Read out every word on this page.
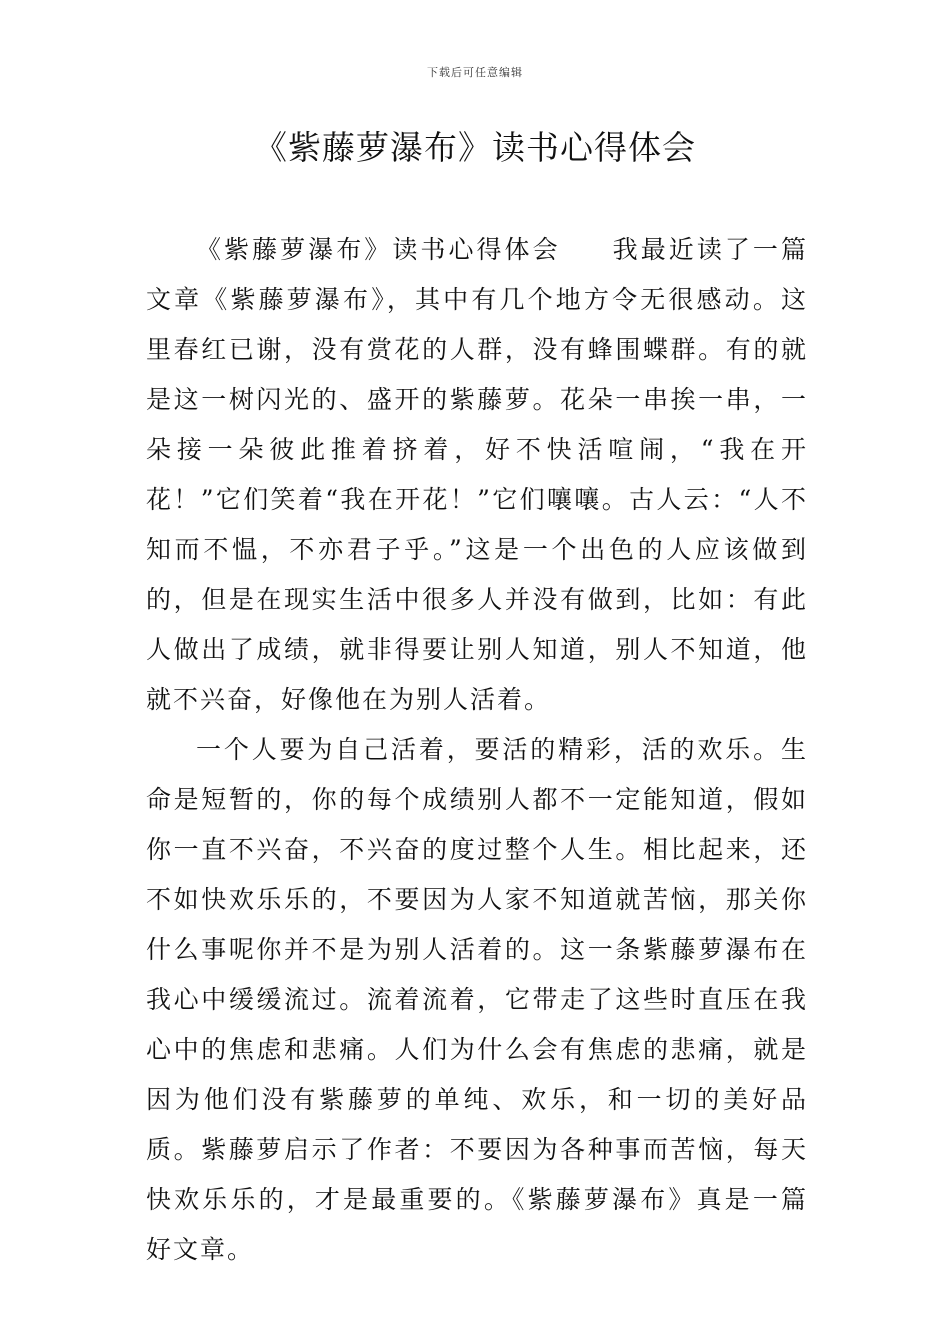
下载后可任意编辑
《紫藤萝瀑布》读书心得体会

《紫藤萝瀑布》读书心得体会 我最近读了一篇文章《紫藤萝瀑布》，其中有几个地方令无很感动。这里春红已谢，没有赏花的人群，没有蜂围蝶群。有的就是这一树闪光的、盛开的紫藤萝。花朵一串挨一串，一朵接一朵彼此推着挤着，好不快活喧闹，“我在开花！”它们笑着“我在开花！”它们嚷嚷。古人云：“人不知而不愠，不亦君子乎。”这是一个出色的人应该做到的，但是在现实生活中很多人并没有做到，比如：有此人做出了成绩，就非得要让别人知道，别人不知道，他就不兴奋，好像他在为别人活着。

一个人要为自己活着，要活的精彩，活的欢乐。生命是短暂的，你的每个成绩别人都不一定能知道，假如你一直不兴奋，不兴奋的度过整个人生。相比起来，还不如快欢乐乐的，不要因为人家不知道就苦恼，那关你什么事呢你并不是为别人活着的。这一条紫藤萝瀑布在我心中缓缓流过。流着流着，它带走了这些时直压在我心中的焦虑和悲痛。人们为什么会有焦虑的悲痛，就是因为他们没有紫藤萝的单纯、欢乐，和一切的美好品质。紫藤萝启示了作者：不要因为各种事而苦恼，每天快欢乐乐的，才是最重要的。《紫藤萝瀑布》真是一篇好文章。
